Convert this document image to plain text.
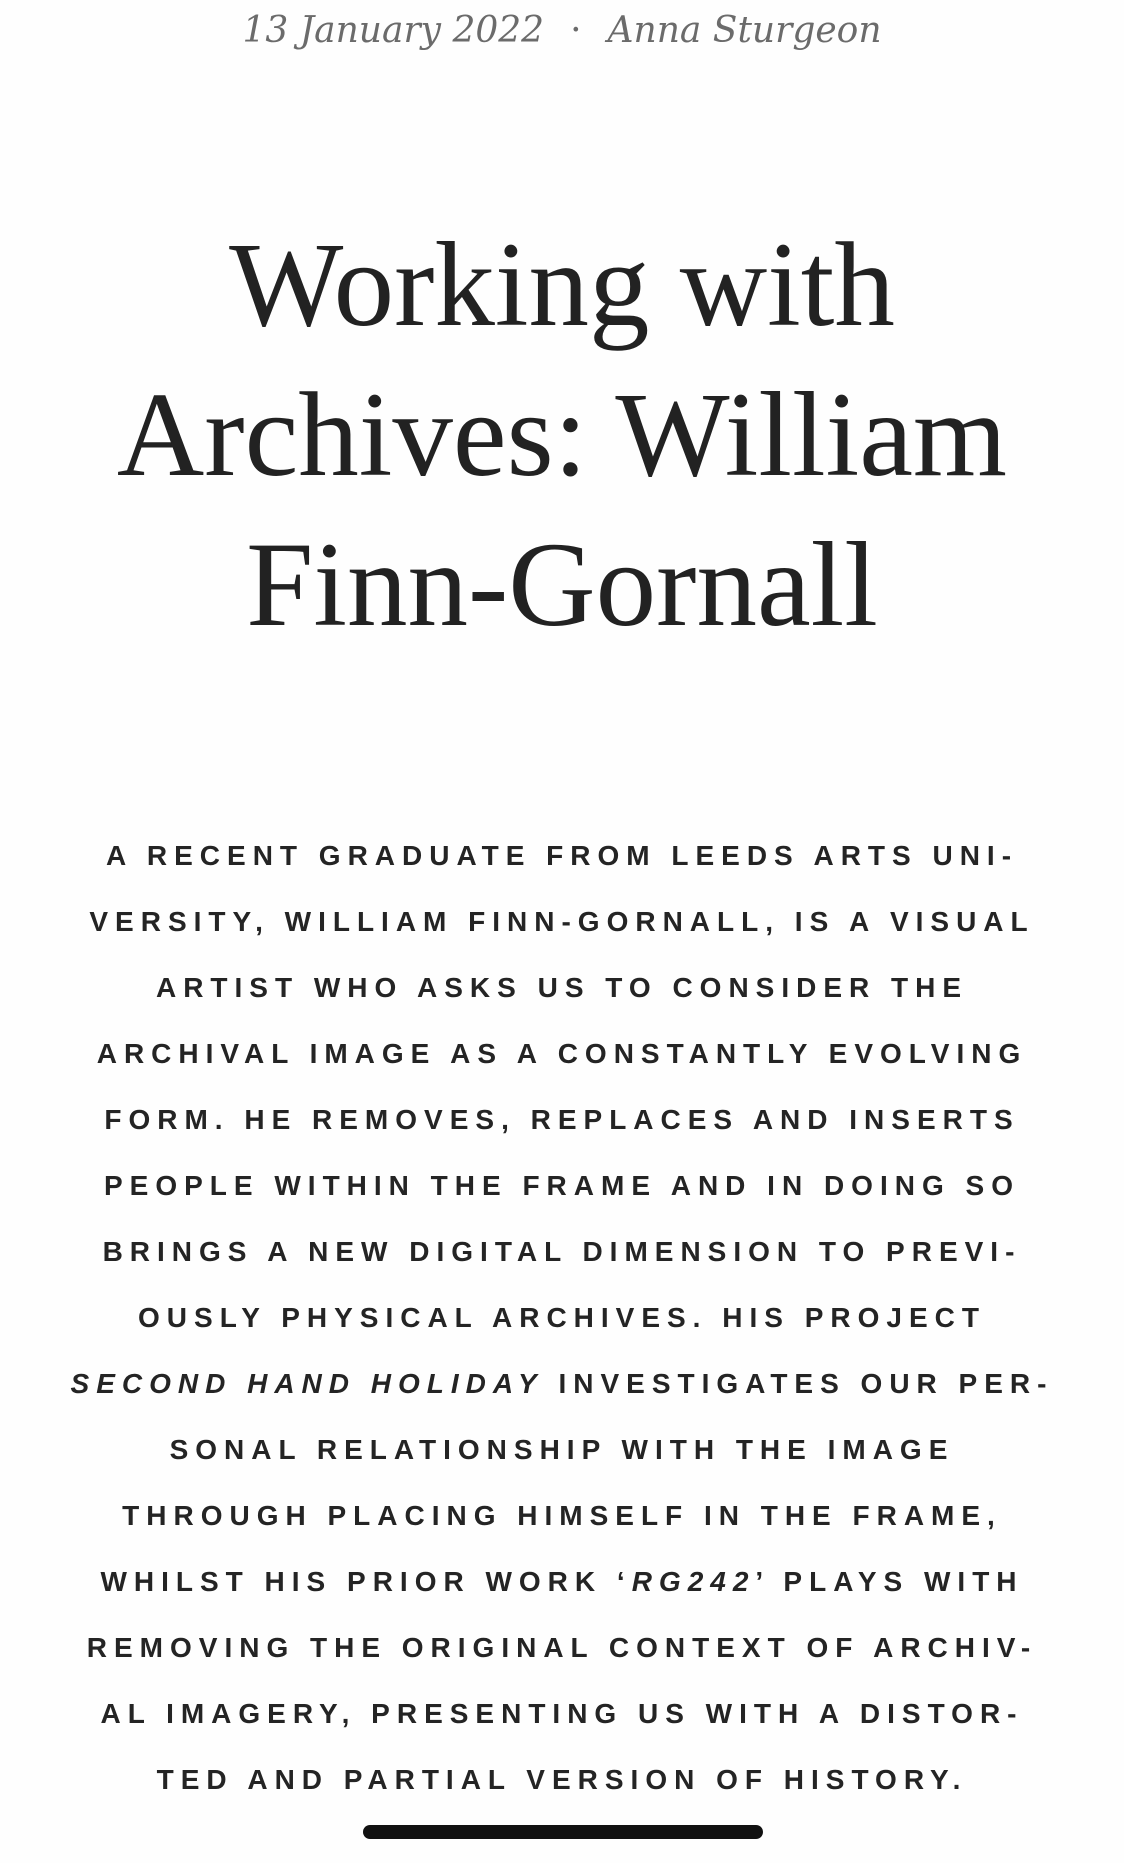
13 January 2022 · Anna Sturgeon
Working with
Archives: William
Finn-Gornall
A RECENT GRADUATE FROM LEEDS ARTS UNI-
VERSITY, WILLIAM FINN-GORNALL, IS A VISUAL
ARTIST WHO ASKS US TO CONSIDER THE
ARCHIVAL IMAGE AS A CONSTANTLY EVOLVING
FORM. HE REMOVES, REPLACES AND INSERTS
PEOPLE WITHIN THE FRAME AND IN DOING SO
BRINGS A NEW DIGITAL DIMENSION TO PREVI-
OUSLY PHYSICAL ARCHIVES. HIS PROJECT
SECOND HAND HOLIDAY INVESTIGATES OUR PER-
SONAL RELATIONSHIP WITH THE IMAGE
THROUGH PLACING HIMSELF IN THE FRAME,
WHILST HIS PRIOR WORK ‘RG242’ PLAYS WITH
REMOVING THE ORIGINAL CONTEXT OF ARCHIV-
AL IMAGERY, PRESENTING US WITH A DISTOR-
TED AND PARTIAL VERSION OF HISTORY.
